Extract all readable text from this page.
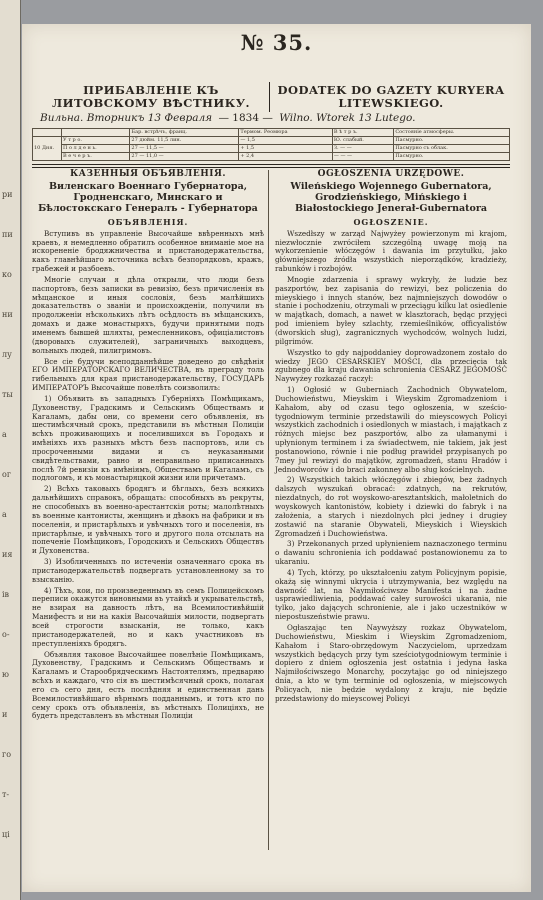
ри
пи
ко
ни
лу
ты
а
ог
а
ия
ів
о-
ю
и
го
т-
ці
№ 35.
ПРИБАВЛЕНІЕ КЪ ЛИТОВСКОМУ ВѢСТНИКУ.
DODATEK DO GAZETY KURYERA LITEWSKIEGO.
Вильна. Вторникъ 13 Февраля — 1834 — Wilno. Wtorek 13 Lutego.
		Бар. встрѣчъ, франц.	Термом. Реомюра	В ѣ т р ъ.	Состояніе атмосферы.
10 Дня.	У т р о.	27 дюйм. 11,5 лин.	— 1,5	Ю. слабый.	Пасмурно.
	П о л д е н ь.	27 — 11,5 —	+ 1,5	З. — —	Пасмурно съ облак.
	В е ч е р ъ.	27 — 11,0 —	+ 2,4	— — —	Пасмурно.
КАЗЕННЫЯ ОБЪЯВЛЕНІЯ.
Виленскаго Военнаго Губернатора, Гродненскаго, Минскаго и Бѣлостокскаго Генералъ - Губернатора
ОБЪЯВЛЕНІЯ.

Вступивъ въ управленіе Высочайше ввѣренныхъ мнѣ краевъ, я немедленно обратилъ особенное вниманіе мое на искорененіе бродяжничества и пристанодержательства, какъ главнѣйшаго источника всѣхъ безпорядковъ, кражъ, грабежей и разбоевъ.

Многіе случаи я дѣла открыли, что люди безъ паспортовъ, безъ записки въ ревизію, безъ причисленія въ мѣщанское и иныя сословія, безъ малѣйшихъ доказательствъ о званіи и происхожденіи, получили въ продолженіи нѣсколькихъ лѣтъ осѣдлость въ мѣщанскихъ, домахъ и даже монастыряхъ, будучи принятыми подъ именемъ бывшей шляхты, ремесленниковъ, офиціалистовъ (дворовыхъ служителей), заграничныхъ выходцевъ, вольныхъ людей, пилигримовъ.

Все сіе будучи всеподданнѣйше доведено до свѣдѣнія ЕГО ИМПЕРАТОРСКАГО ВЕЛИЧЕСТВА, въ преграду толь гибельныхъ для края пристанодержательству, ГОСУДАРЬ ИМПЕРАТОРЪ Высочайше повелѣть соизволилъ:

1) Объявить въ западныхъ Губерніяхъ Помѣщикамъ, Духовенству, Градскимъ и Сельскимъ Обществамъ и Кагаламъ, дабы они, со времени сего объявленія, въ шестимѣсячный срокъ, представили въ мѣстныя Полиціи всѣхъ проживающихъ и поселившихся въ Городахъ и имѣніяхъ ихъ разныхъ мѣстъ безъ паспортовъ, или съ просроченными видами и съ неуказанными свидѣтельствами, равно и неправильно приписанныхъ послѣ 7й ревизіи къ имѣніямъ, Обществамъ и Кагаламъ, съ подлогомъ, и къ монастыряцкой жизни или причетамъ.

2) Всѣхъ таковыхъ бродягъ и бѣглыхъ, безъ всякихъ дальнѣйшихъ справокъ, обращать: способныхъ въ рекруты, не способныхъ въ военно-арестантскія роты; малолѣтныхъ въ военные кантонисты, женщинъ и дѣвокъ на фабрики и въ поселенія, и пристарѣлыхъ и увѣчныхъ того и поселенія, въ пристарѣлые, и увѣчныхъ того и другого пола отсылать на попеченіе Помѣщиковъ, Городскихъ и Сельскихъ Обществъ и Духовенства.

3) Изобличенныхъ по истеченіи означеннаго срока въ пристанодержательствѣ подвергать установленному за то взысканію.

4) Тѣхъ, кои, по произведеннымъ въ семъ Полицейскомъ переписи окажутся виновными въ утайкѣ и укрывательствѣ, не взирая на давность лѣтъ, на Всемилостивѣйшій Манифестъ и ни на какія Высочайшія милости, подвергать всей строгости взысканія, не только, какъ пристанодержателей, но и какъ участниковъ въ преступленіяхъ бродягъ.

Объявляя таковое Высочайшее повелѣніе Помѣщикамъ, Духовенству, Градскимъ и Сельскимъ Обществамъ и Кагаламъ и Старообрядческимъ Настоятелямъ, предваряю всѣхъ и каждаго, что сія въ шестимѣсячный срокъ, полагая его съ сего дня, есть послѣдняя и единственная дань Всемилостивѣйшаго вѣрнымъ подданнымъ, и тотъ кто по сему срокъ отъ объявленія, въ мѣстныхъ Полиціяхъ, не будетъ представленъ въ мѣстныя Полиціи

OGŁOSZENIA URZĘDOWE.
Wileńskiego Wojennego Gubernatora, Grodzieńskiego, Mińskiego i Białostockiego Jenerał-Gubernatora
OGŁOSZENIE.

Wszedłszy w zarząd Najwyżey powierzonym mi krajom, niezwłocznie zwróciłem szczególną uwagę moją na wykorzenienie włóczęgów i dawania im przytułku, jako główniejszego źródła wszystkich nieporządków, kradzieży, rabunków i rozbojów.

Mnogie zdarzenia i sprawy wykryły, że ludzie bez paszportów, bez zapisania do rewizyi, bez policzenia do mieyskiego i innych stanów, bez najmniejszych dowodów o stanie i pochodzeniu, otrzymali w przeciągu kilku lat osiedlenie w majątkach, domach, a nawet w klasztorach, będąc przyjęci pod imieniem byłey szlachty, rzemieślników, officyalistów (dworskich sług), zagranicznych wychodców, wolnych ludzi, pilgrimów.

Wszystko to gdy najpoddaniey doprowadzonem zostało do wiedzy JEGO CESARSKIEY MOŚCI, dla przecięcia tak zgubnego dla kraju dawania schronienia CESARZ JEGOMOŚĆ Naywyżey rozkazać raczył:

1) Ogłosić w Guberniach Zachodnich Obywatelom, Duchowieństwu, Mieyskim i Wieyskim Zgromadzeniom i Kahałom, aby od czasu tego ogłoszenia, w sześcio-tygodniowym terminie przedstawili do mieyscowych Policyi wszystkich zachodnich i osiedlonych w miastach, i majątkach z różnych miejsc bez paszportów, albo za ułamanymi i upłynionym terminem i za świadectwem, nie takiem, jak jest postanowiono, równie i nie podług prawideł przypisanych po 7mey jul rewizyi do majątków, zgromadzeń, stanu Hradów i Jednodworców i do braci zakonney albo sług kościelnych.

2) Wszystkich takich włóczęgów i zbiegów, bez żadnych dalszych wyszukań obracać: zdatnych, na rekrutów, niezdatnych, do rot woyskowo-aresztantskich, małoletnich do woyskowych kantonistów, kobiety i dziewki do fabryk i na założenia, a starych i niezdolnych płci jedney i drugiey zostawić na staranie Obywateli, Mieyskich i Wieyskich Zgromadzeń i Duchowieństwa.

3) Przekonanych przed upłynieniem naznaczonego terminu o dawaniu schronienia ich poddawać postanowionemu za to ukaraniu.

4) Tych, którzy, po ukształceniu zatym Policyjnym popisie, okażą się winnymi ukrycia i utrzymywania, bez względu na dawność lat, na Naymiłościwsze Manifesta i na żadne usprawiedliwienia, poddawać całey surowości ukarania, nie tylko, jako dających schronienie, ale i jako uczestników w niepostuszeństwie prawu.

Ogłaszając ten Naywyższy rozkaz Obywatelom, Duchowieństwu, Mieskim i Wieyskim Zgromadzeniom, Kahałom i Staro-obrzędowym Naczycielom, uprzedzam wszystkich będących przy tym sześciotygodniowym terminie i dopiero z dniem ogłoszenia jest ostatnia i jedyna łaska Najmiłościwszego Monarchy, poczytając go od niniejszego dnia, a kto w tym terminie od ogłoszenia, w miejscowych Policyach, nie będzie wydalony z kraju, nie będzie przedstawiony do mieyscowej Policyi
